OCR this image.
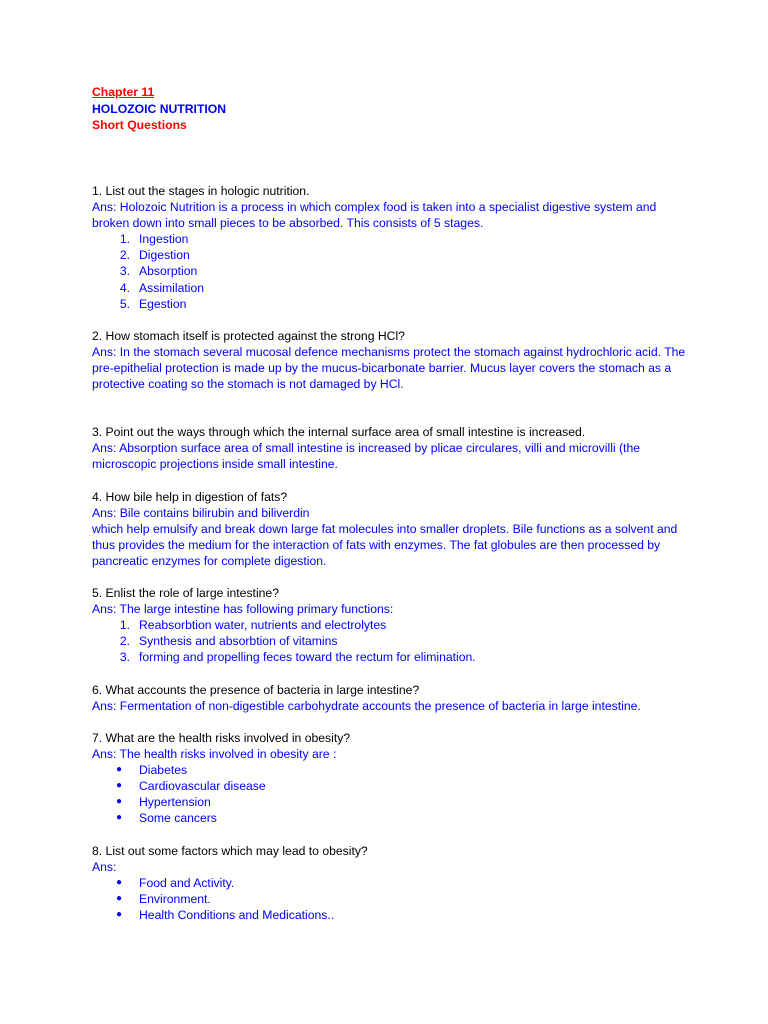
Chapter 11
HOLOZOIC NUTRITION
Short Questions

1. List out the stages in hologic nutrition.

Ans: Holozoic Nutrition is a process in which complex food is taken into a specialist digestive system and broken down into small pieces to be absorbed. This consists of 5 stages.

1. Ingestion
2. Digestion
3. Absorption
4. Assimilation
5. Egestion

2. How stomach itself is protected against the strong HCl?

Ans: In the stomach several mucosal defence mechanisms protect the stomach against hydrochloric acid. The pre-epithelial protection is made up by the mucus-bicarbonate barrier. Mucus layer covers the stomach as a protective coating so the stomach is not damaged by HCl.

3. Point out the ways through which the internal surface area of small intestine is increased.

Ans: Absorption surface area of small intestine is increased by plicae circulares, villi and microvilli (the microscopic projections inside small intestine.

4. How bile help in digestion of fats?

Ans: Bile contains bilirubin and biliverdin

which help emulsify and break down large fat molecules into smaller droplets. Bile functions as a solvent and thus provides the medium for the interaction of fats with enzymes. The fat globules are then processed by pancreatic enzymes for complete digestion.

5. Enlist the role of large intestine?

Ans: The large intestine has following primary functions:

1. Reabsorbtion water, nutrients and electrolytes
2. Synthesis and absorbtion of vitamins
3. forming and propelling feces toward the rectum for elimination.

6. What accounts the presence of bacteria in large intestine?

Ans: Fermentation of non-digestible carbohydrate accounts the presence of bacteria in large intestine.

7. What are the health risks involved in obesity?

Ans: The health risks involved in obesity are :

● Diabetes
● Cardiovascular disease
● Hypertension
● Some cancers

8. List out some factors which may lead to obesity?

Ans:

● Food and Activity.
● Environment.
● Health Conditions and Medications..
